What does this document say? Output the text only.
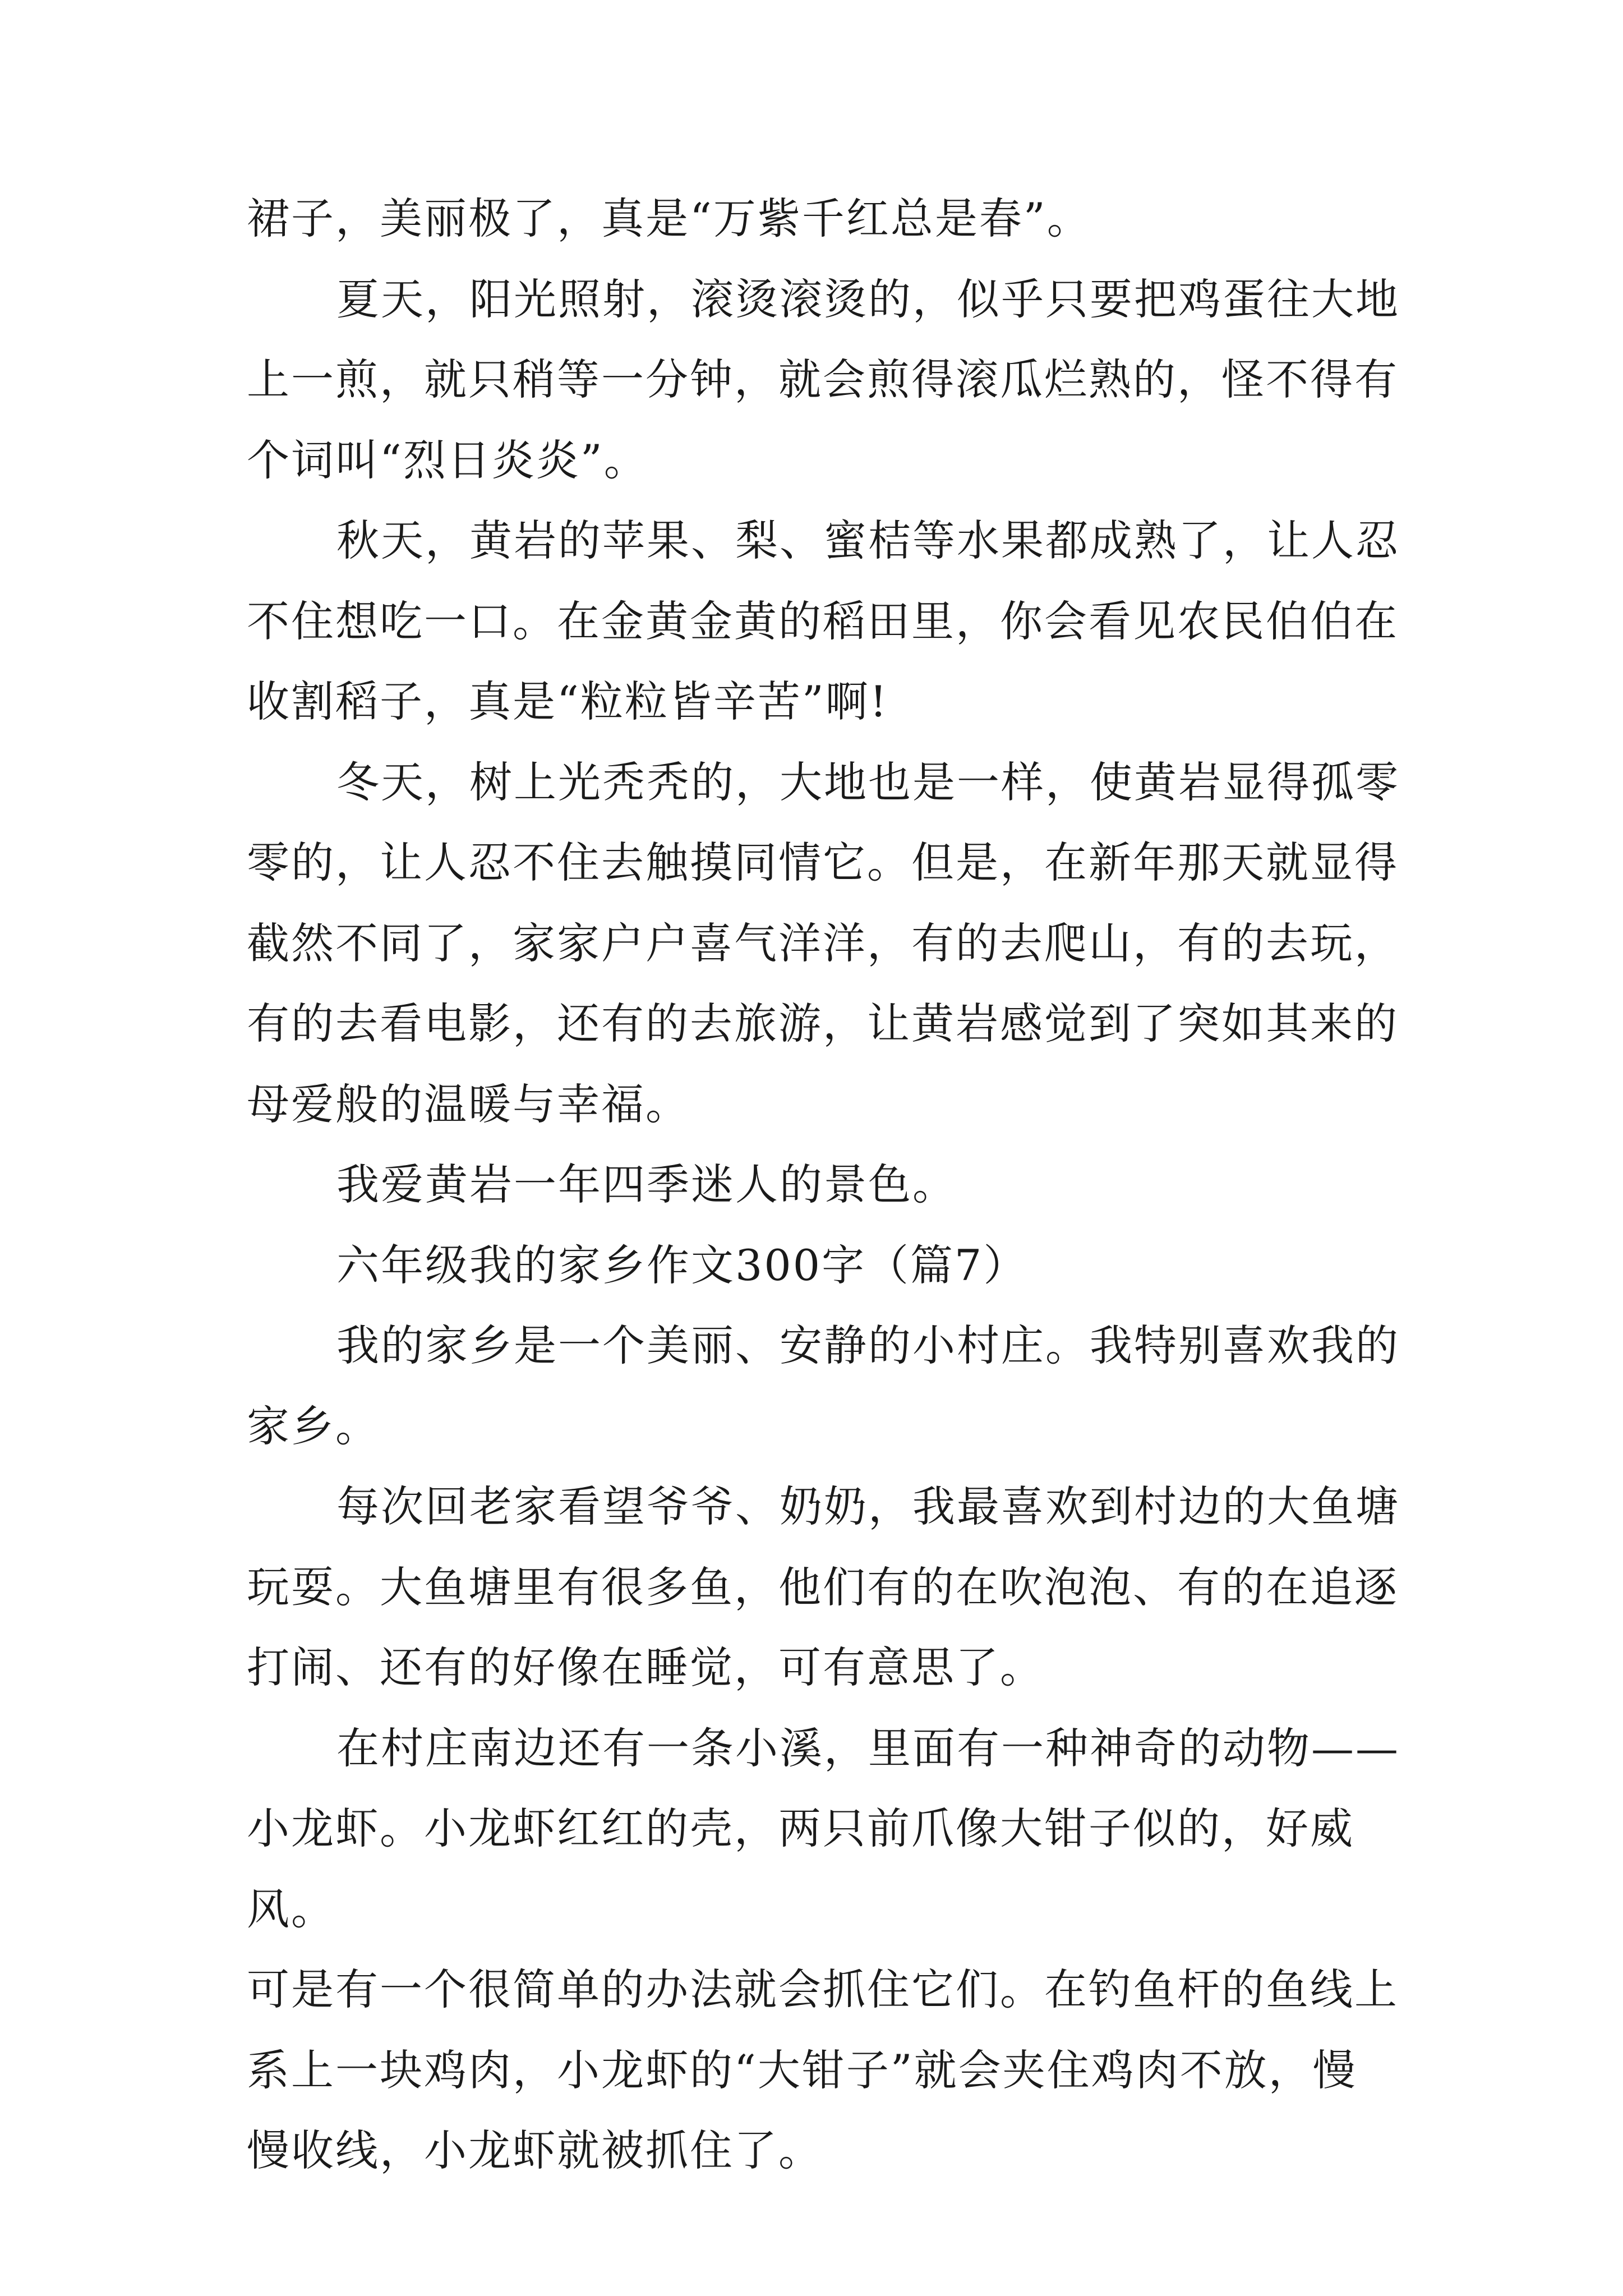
裙子，美丽极了，真是“万紫千红总是春”。

夏天，阳光照射，滚烫滚烫的，似乎只要把鸡蛋往大地
上一煎，就只稍等一分钟，就会煎得滚瓜烂熟的，怪不得有
个词叫“烈日炎炎”。

秋天，黄岩的苹果、梨、蜜桔等水果都成熟了，让人忍
不住想吃一口。在金黄金黄的稻田里，你会看见农民伯伯在
收割稻子，真是“粒粒皆辛苦”啊!

冬天，树上光秃秃的，大地也是一样，使黄岩显得孤零
零的，让人忍不住去触摸同情它。但是，在新年那天就显得
截然不同了，家家户户喜气洋洋，有的去爬山，有的去玩，
有的去看电影，还有的去旅游，让黄岩感觉到了突如其来的
母爱般的温暖与幸福。

我爱黄岩一年四季迷人的景色。

六年级我的家乡作文300字（篇7）

我的家乡是一个美丽、安静的小村庄。我特别喜欢我的
家乡。

每次回老家看望爷爷、奶奶，我最喜欢到村边的大鱼塘
玩耍。大鱼塘里有很多鱼，他们有的在吹泡泡、有的在追逐
打闹、还有的好像在睡觉，可有意思了。

在村庄南边还有一条小溪，里面有一种神奇的动物——
小龙虾。小龙虾红红的壳，两只前爪像大钳子似的，好威风。
可是有一个很简单的办法就会抓住它们。在钓鱼杆的鱼线上
系上一块鸡肉，小龙虾的“大钳子”就会夹住鸡肉不放，慢
慢收线，小龙虾就被抓住了。
